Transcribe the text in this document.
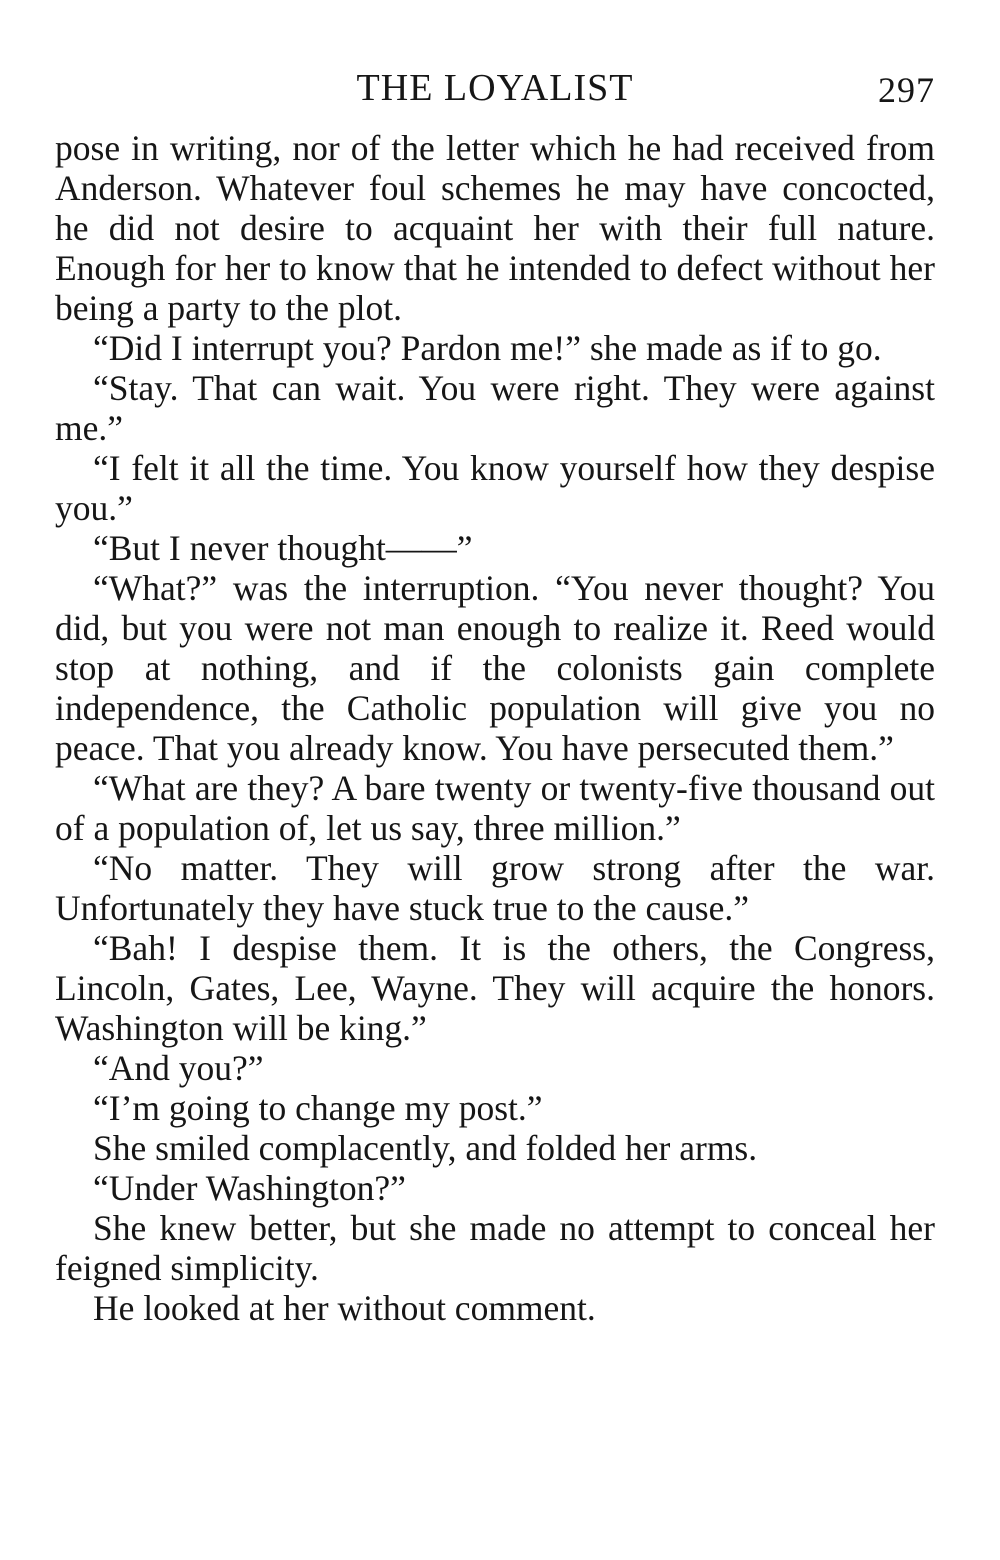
THE LOYALIST	297

pose in writing, nor of the letter which he had received from Anderson. Whatever foul schemes he may have concocted, he did not desire to acquaint her with their full nature. Enough for her to know that he intended to defect without her being a party to the plot.

“Did I interrupt you? Pardon me!” she made as if to go.

“Stay. That can wait. You were right. They were against me.”

“I felt it all the time. You know yourself how they despise you.”

“But I never thought——”

“What?” was the interruption. “You never thought? You did, but you were not man enough to realize it. Reed would stop at nothing, and if the colonists gain complete independence, the Catholic population will give you no peace. That you already know. You have persecuted them.”

“What are they? A bare twenty or twenty-five thousand out of a population of, let us say, three million.”

“No matter. They will grow strong after the war. Unfortunately they have stuck true to the cause.”

“Bah! I despise them. It is the others, the Congress, Lincoln, Gates, Lee, Wayne. They will acquire the honors. Washington will be king.”

“And you?”

“I’m going to change my post.”

She smiled complacently, and folded her arms.

“Under Washington?”

She knew better, but she made no attempt to conceal her feigned simplicity.

He looked at her without comment.
